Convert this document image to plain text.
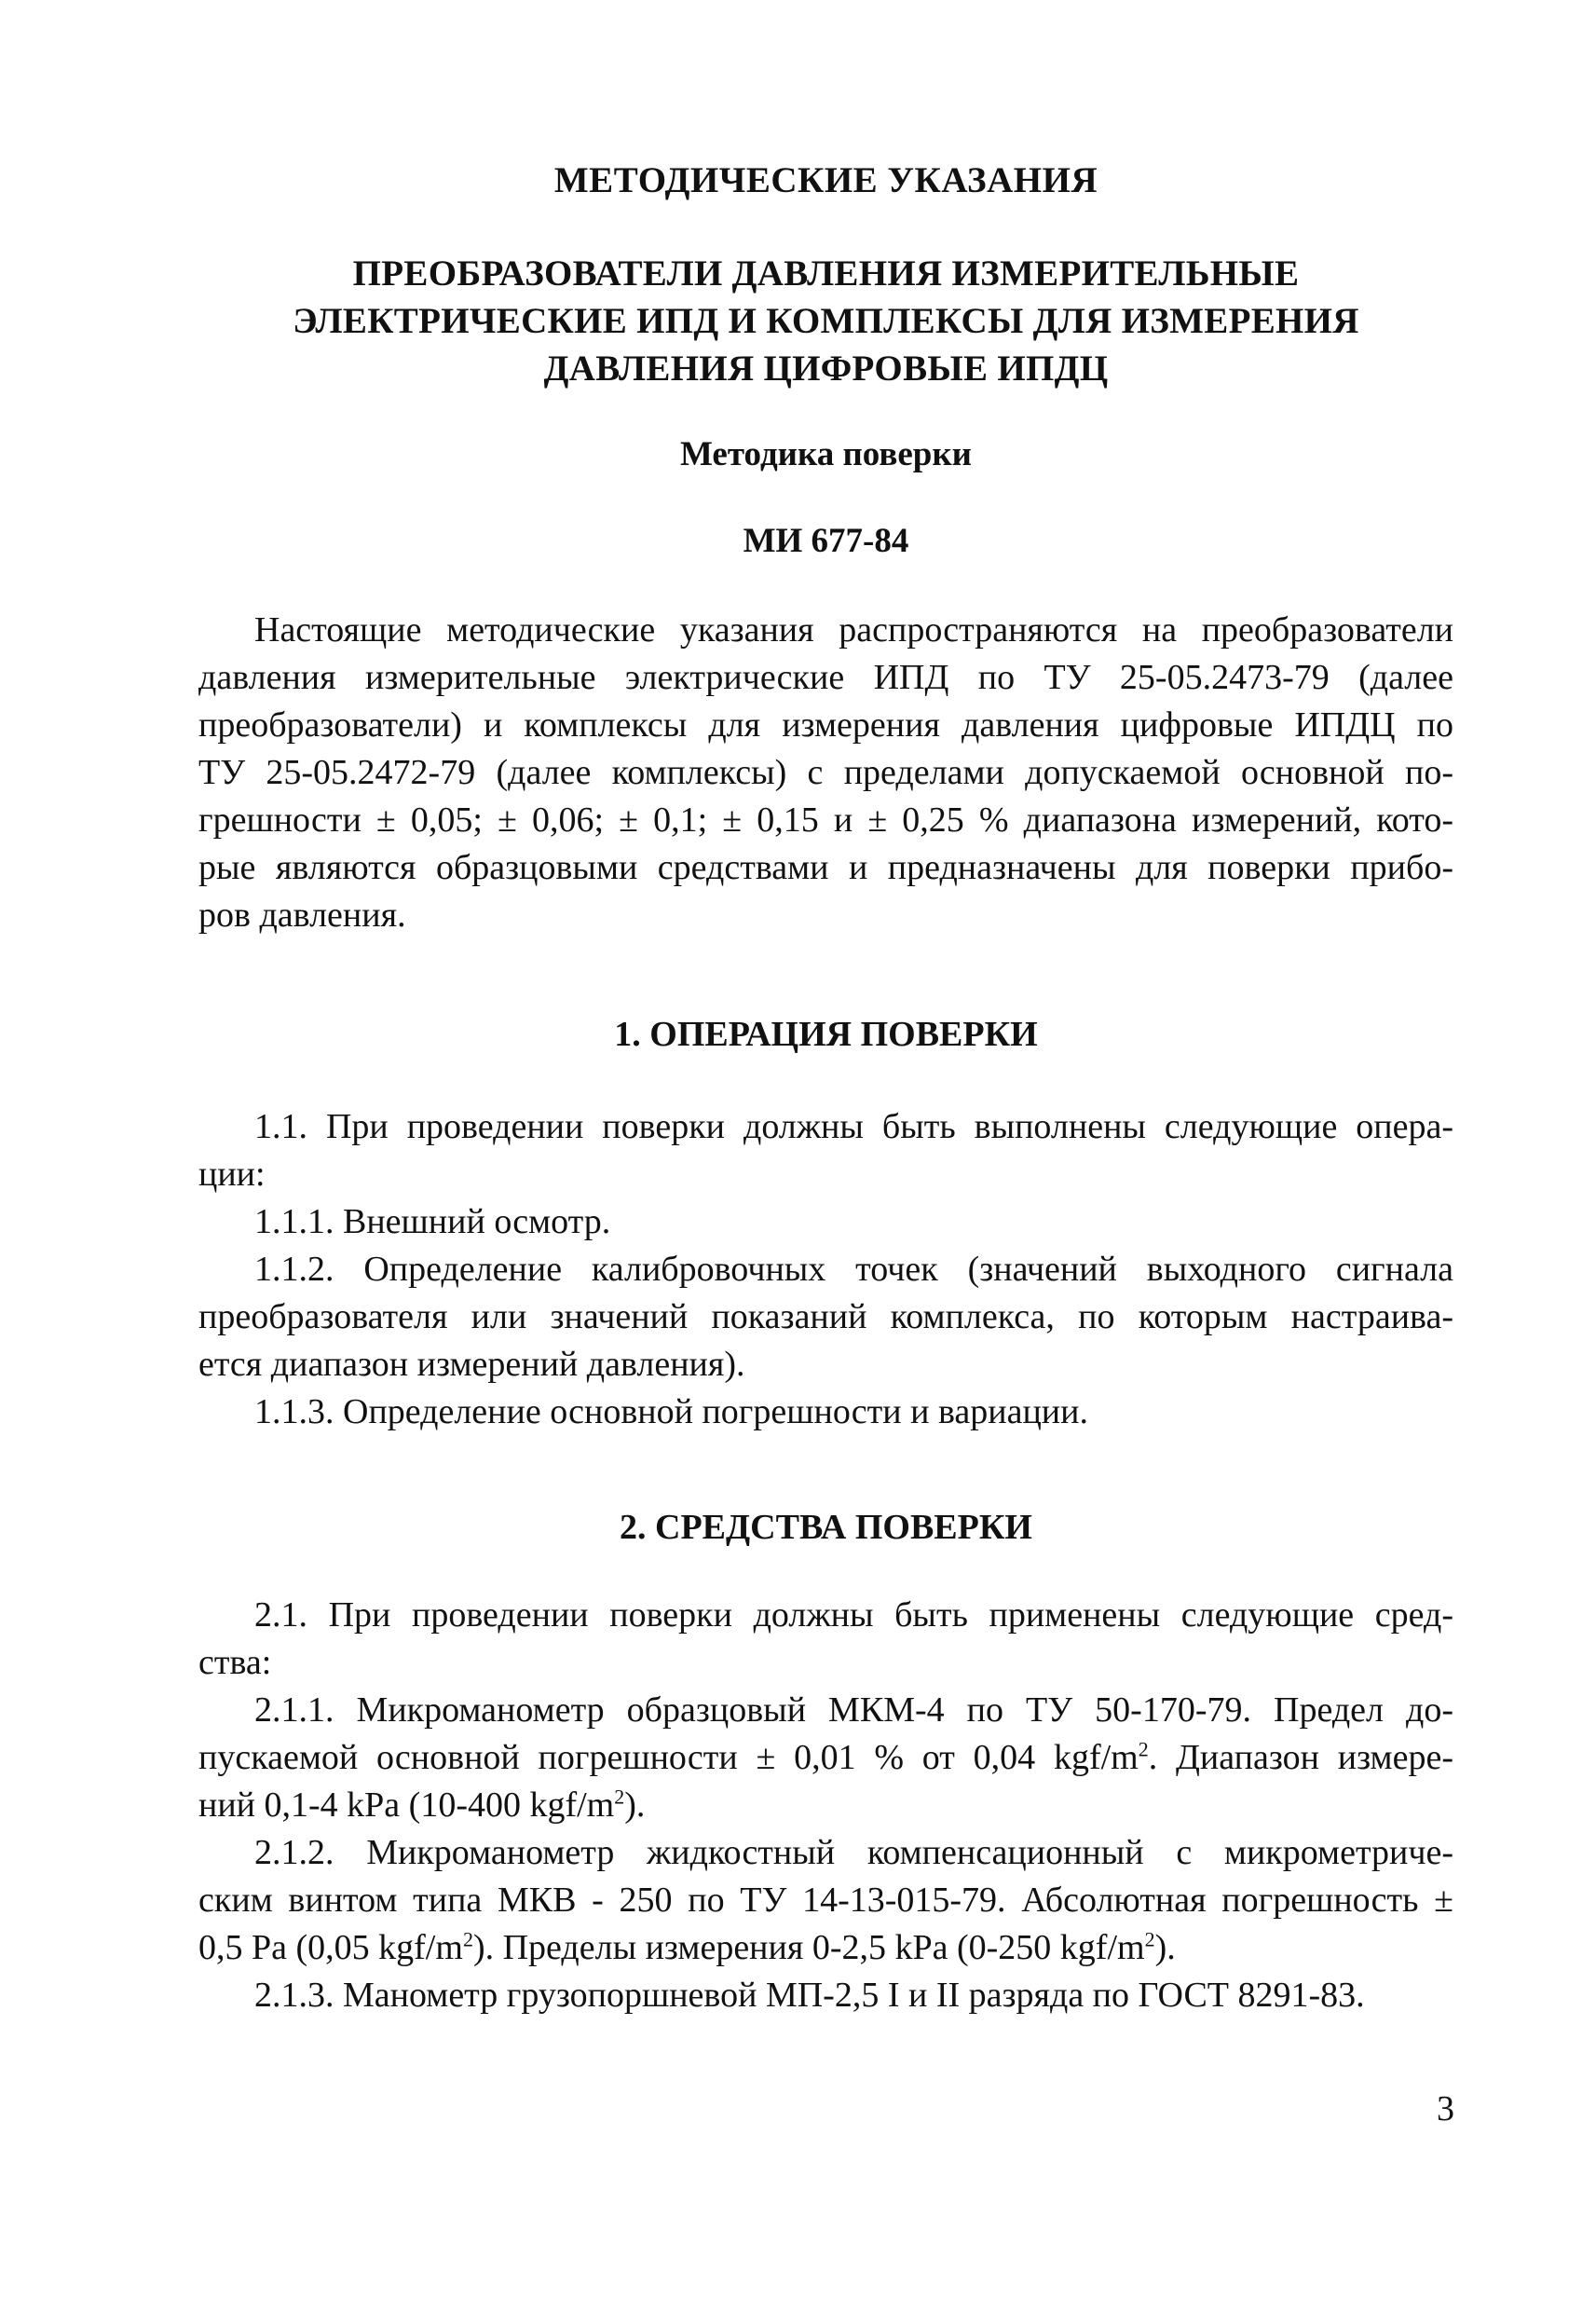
МЕТОДИЧЕСКИЕ УКАЗАНИЯ
ПРЕОБРАЗОВАТЕЛИ ДАВЛЕНИЯ ИЗМЕРИТЕЛЬНЫЕ
ЭЛЕКТРИЧЕСКИЕ ИПД И КОМПЛЕКСЫ ДЛЯ ИЗМЕРЕНИЯ
ДАВЛЕНИЯ ЦИФРОВЫЕ ИПДЦ
Методика поверки
МИ 677-84
Настоящие методические указания распространяются на преобразователи
давления измерительные электрические ИПД по ТУ 25-05.2473-79 (далее
преобразователи) и комплексы для измерения давления цифровые ИПДЦ по
ТУ 25-05.2472-79 (далее комплексы) с пределами допускаемой основной по-
грешности ± 0,05; ± 0,06; ± 0,1; ± 0,15 и ± 0,25 % диапазона измерений, кото-
рые являются образцовыми средствами и предназначены для поверки прибо-
ров давления.
1. ОПЕРАЦИЯ ПОВЕРКИ
1.1. При проведении поверки должны быть выполнены следующие опера-
ции:
1.1.1. Внешний осмотр.
1.1.2. Определение калибровочных точек (значений выходного сигнала
преобразователя или значений показаний комплекса, по которым настраива-
ется диапазон измерений давления).
1.1.3. Определение основной погрешности и вариации.
2. СРЕДСТВА ПОВЕРКИ
2.1. При проведении поверки должны быть применены следующие сред-
ства:
2.1.1. Микроманометр образцовый МКМ-4 по ТУ 50-170-79. Предел до-
пускаемой основной погрешности ± 0,01 % от 0,04 kgf/$m^2$. Диапазон измере-
ний 0,1-4 kPa (10-400 kgf/$m^2$).
2.1.2. Микроманометр жидкостный компенсационный с микрометриче-
ским винтом типа МКВ - 250 по ТУ 14-13-015-79. Абсолютная погрешность ±
0,5 Pa (0,05 kgf/$m^2$). Пределы измерения 0-2,5 kPa (0-250 kgf/$m^2$).
2.1.3. Манометр грузопоршневой МП-2,5 I и II разряда по ГОСТ 8291-83.
3
